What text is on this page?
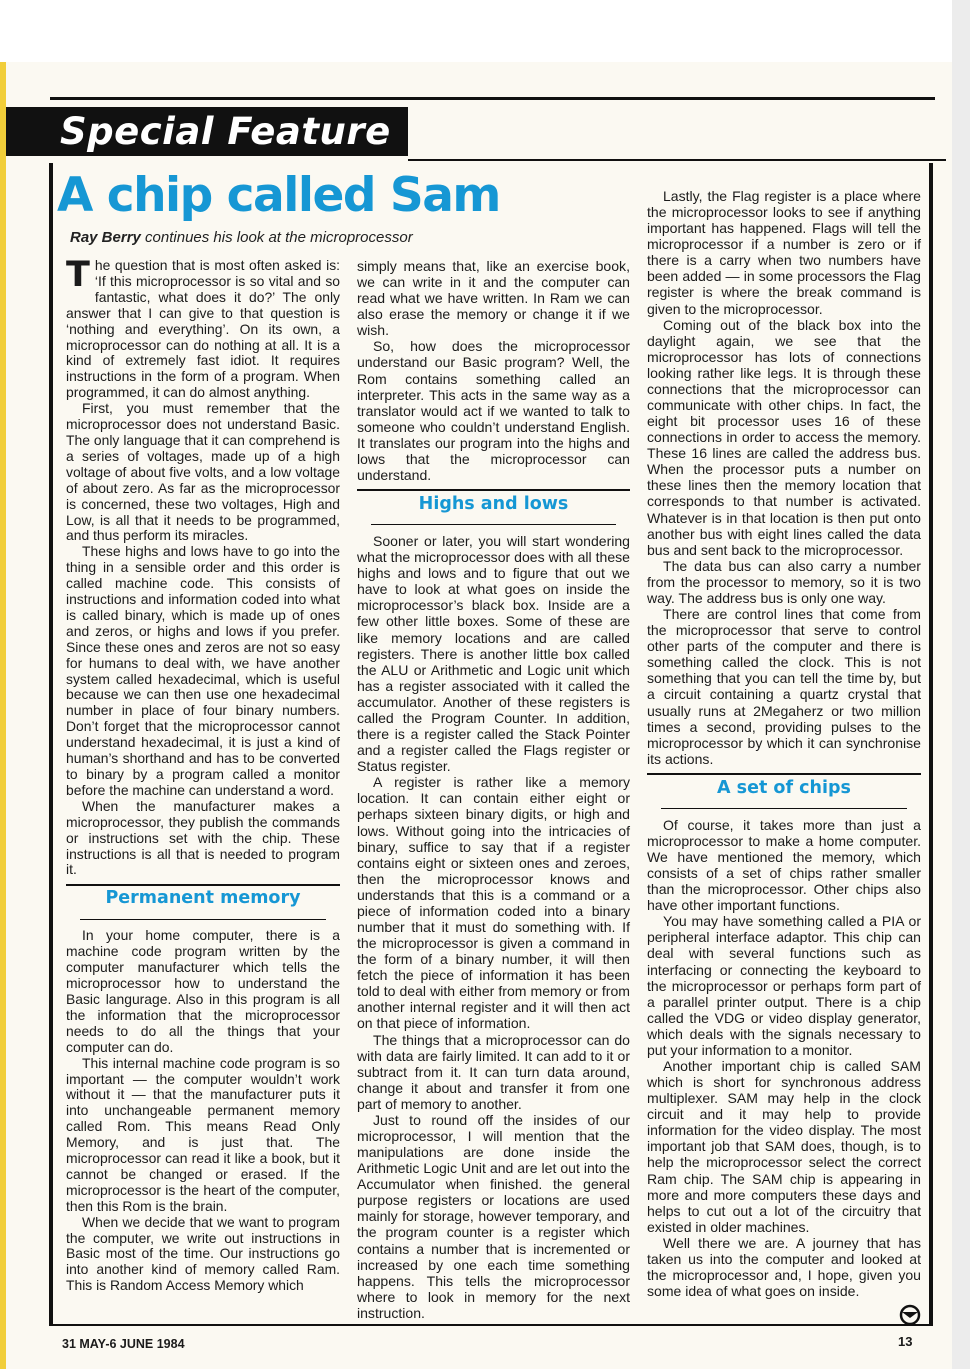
Special Feature
A chip called Sam
Ray Berry continues his look at the microprocessor

The question that is most often asked is: ‘If this microprocessor is so vital and so fantastic, what does it do?’ The only answer that I can give to that question is ‘nothing and everything’. On its own, a microprocessor can do nothing at all. It is a kind of extremely fast idiot. It requires instructions in the form of a program. When programmed, it can do almost anything.

First, you must remember that the microprocessor does not understand Basic. The only language that it can comprehend is a series of voltages, made up of a high voltage of about five volts, and a low voltage of about zero. As far as the microprocessor is concerned, these two voltages, High and Low, is all that it needs to be programmed, and thus perform its miracles.

These highs and lows have to go into the thing in a sensible order and this order is called machine code. This consists of instructions and information coded into what is called binary, which is made up of ones and zeros, or highs and lows if you prefer. Since these ones and zeros are not so easy for humans to deal with, we have another system called hexadecimal, which is useful because we can then use one hexadecimal number in place of four binary numbers. Don’t forget that the microprocessor cannot understand hexadecimal, it is just a kind of human’s shorthand and has to be converted to binary by a program called a monitor before the machine can understand a word.

When the manufacturer makes a microprocessor, they publish the commands or instructions set with the chip. These instructions is all that is needed to program it.

Permanent memory

In your home computer, there is a machine code program written by the computer manufacturer which tells the microprocessor how to understand the Basic langurage. Also in this program is all the information that the microprocessor needs to do all the things that your computer can do.

This internal machine code program is so important — the computer wouldn’t work without it — that the manufacturer puts it into unchangeable permanent memory called Rom. This means Read Only Memory, and is just that. The microprocessor can read it like a book, but it cannot be changed or erased. If the microprocessor is the heart of the computer, then this Rom is the brain.

When we decide that we want to program the computer, we write out instructions in Basic most of the time. Our instructions go into another kind of memory called Ram. This is Random Access Memory which

simply means that, like an exercise book, we can write in it and the computer can read what we have written. In Ram we can also erase the memory or change it if we wish.

So, how does the microprocessor understand our Basic program? Well, the Rom contains something called an interpreter. This acts in the same way as a translator would act if we wanted to talk to someone who couldn’t understand English. It translates our program into the highs and lows that the microprocessor can understand.

Highs and lows

Sooner or later, you will start wondering what the microprocessor does with all these highs and lows and to figure that out we have to look at what goes on inside the microprocessor’s black box. Inside are a few other little boxes. Some of these are like memory locations and are called registers. There is another little box called the ALU or Arithmetic and Logic unit which has a register associated with it called the accumulator. Another of these registers is called the Program Counter. In addition, there is a register called the Stack Pointer and a register called the Flags register or Status register.

A register is rather like a memory location. It can contain either eight or perhaps sixteen binary digits, or high and lows. Without going into the intricacies of binary, suffice to say that if a register contains eight or sixteen ones and zeroes, then the microprocessor knows and understands that this is a command or a piece of information coded into a binary number that it must do something with. If the microprocessor is given a command in the form of a binary number, it will then fetch the piece of information it has been told to deal with either from memory or from another internal register and it will then act on that piece of information.

The things that a microprocessor can do with data are fairly limited. It can add to it or subtract from it. It can turn data around, change it about and transfer it from one part of memory to another.

Just to round off the insides of our microprocessor, I will mention that the manipulations are done inside the Arithmetic Logic Unit and are let out into the Accumulator when finished. the general purpose registers or locations are used mainly for storage, however temporary, and the program counter is a register which contains a number that is incremented or increased by one each time something happens. This tells the microprocessor where to look in memory for the next instruction.

Lastly, the Flag register is a place where the microprocessor looks to see if anything important has happened. Flags will tell the microprocessor if a number is zero or if there is a carry when two numbers have been added — in some processors the Flag register is where the break command is given to the microprocessor.

Coming out of the black box into the daylight again, we see that the microprocessor has lots of connections looking rather like legs. It is through these connections that the microprocessor can communicate with other chips. In fact, the eight bit processor uses 16 of these connections in order to access the memory. These 16 lines are called the address bus. When the processor puts a number on these lines then the memory location that corresponds to that number is activated. Whatever is in that location is then put onto another bus with eight lines called the data bus and sent back to the microprocessor.

The data bus can also carry a number from the processor to memory, so it is two way. The address bus is only one way.

There are control lines that come from the microprocessor that serve to control other parts of the computer and there is something called the clock. This is not something that you can tell the time by, but a circuit containing a quartz crystal that usually runs at 2Megaherz or two million times a second, providing pulses to the microprocessor by which it can synchronise its actions.

A set of chips

Of course, it takes more than just a microprocessor to make a home computer. We have mentioned the memory, which consists of a set of chips rather smaller than the microprocessor. Other chips also have other important functions.

You may have something called a PIA or peripheral interface adaptor. This chip can deal with several functions such as interfacing or connecting the keyboard to the microprocessor or perhaps form part of a parallel printer output. There is a chip called the VDG or video display generator, which deals with the signals necessary to put your information to a monitor.

Another important chip is called SAM which is short for synchronous address multiplexer. SAM may help in the clock circuit and it may help to provide information for the video display. The most important job that SAM does, though, is to help the microprocessor select the correct Ram chip. The SAM chip is appearing in more and more computers these days and helps to cut out a lot of the circuitry that existed in older machines.

Well there we are. A journey that has taken us into the computer and looked at the microprocessor and, I hope, given you some idea of what goes on inside.

31 MAY-6 JUNE 1984	13
